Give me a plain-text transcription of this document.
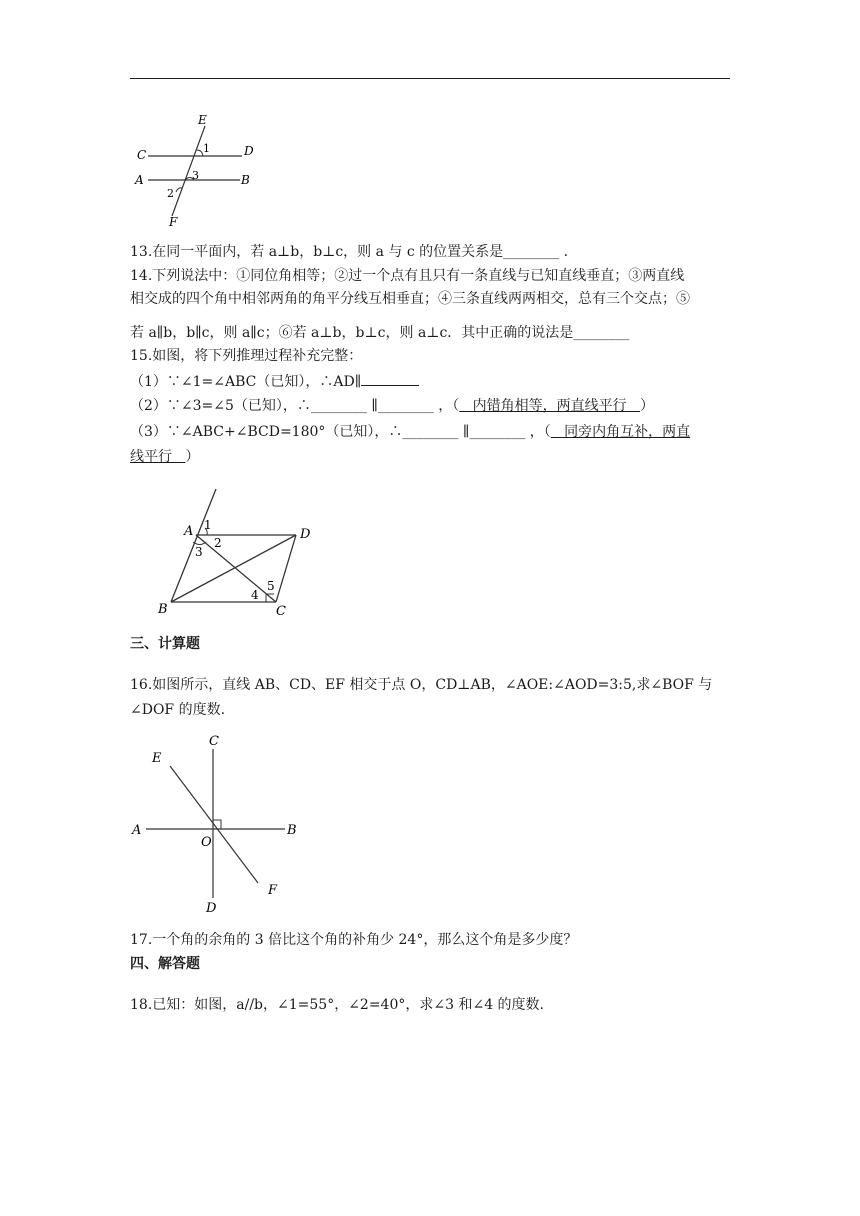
E
C	D
A	B
F
1
3
2
13.在同一平面内，若 a⊥b，b⊥c，则 a 与 c 的位置关系是________ .
14.下列说法中：①同位角相等；②过一个点有且只有一条直线与已知直线垂直；③两直线
相交成的四个角中相邻两角的角平分线互相垂直；④三条直线两两相交，总有三个交点；⑤
若 a∥b，b∥c，则 a∥c；⑥若 a⊥b，b⊥c，则 a⊥c．其中正确的说法是________
15.如图，将下列推理过程补充完整：
（1）∵∠1=∠ABC（已知），∴AD∥
（2）∵∠3=∠5（已知），∴________ ∥________ ，（   内错角相等，两直线平行   ）
（3）∵∠ABC+∠BCD=180°（已知），∴________ ∥________ ，（   同旁内角互补，两直
线平行   ）
A	D
B	C
1
2
3
4
5
三、计算题
16.如图所示，直线 AB、CD、EF 相交于点 O，CD⊥AB，∠AOE:∠AOD=3:5,求∠BOF 与
∠DOF 的度数.
C
E
A	B
O
F
D
17.一个角的余角的 3 倍比这个角的补角少 24°，那么这个角是多少度？
四、解答题
18.已知：如图，a//b，∠1=55°，∠2=40°，求∠3 和∠4 的度数.
